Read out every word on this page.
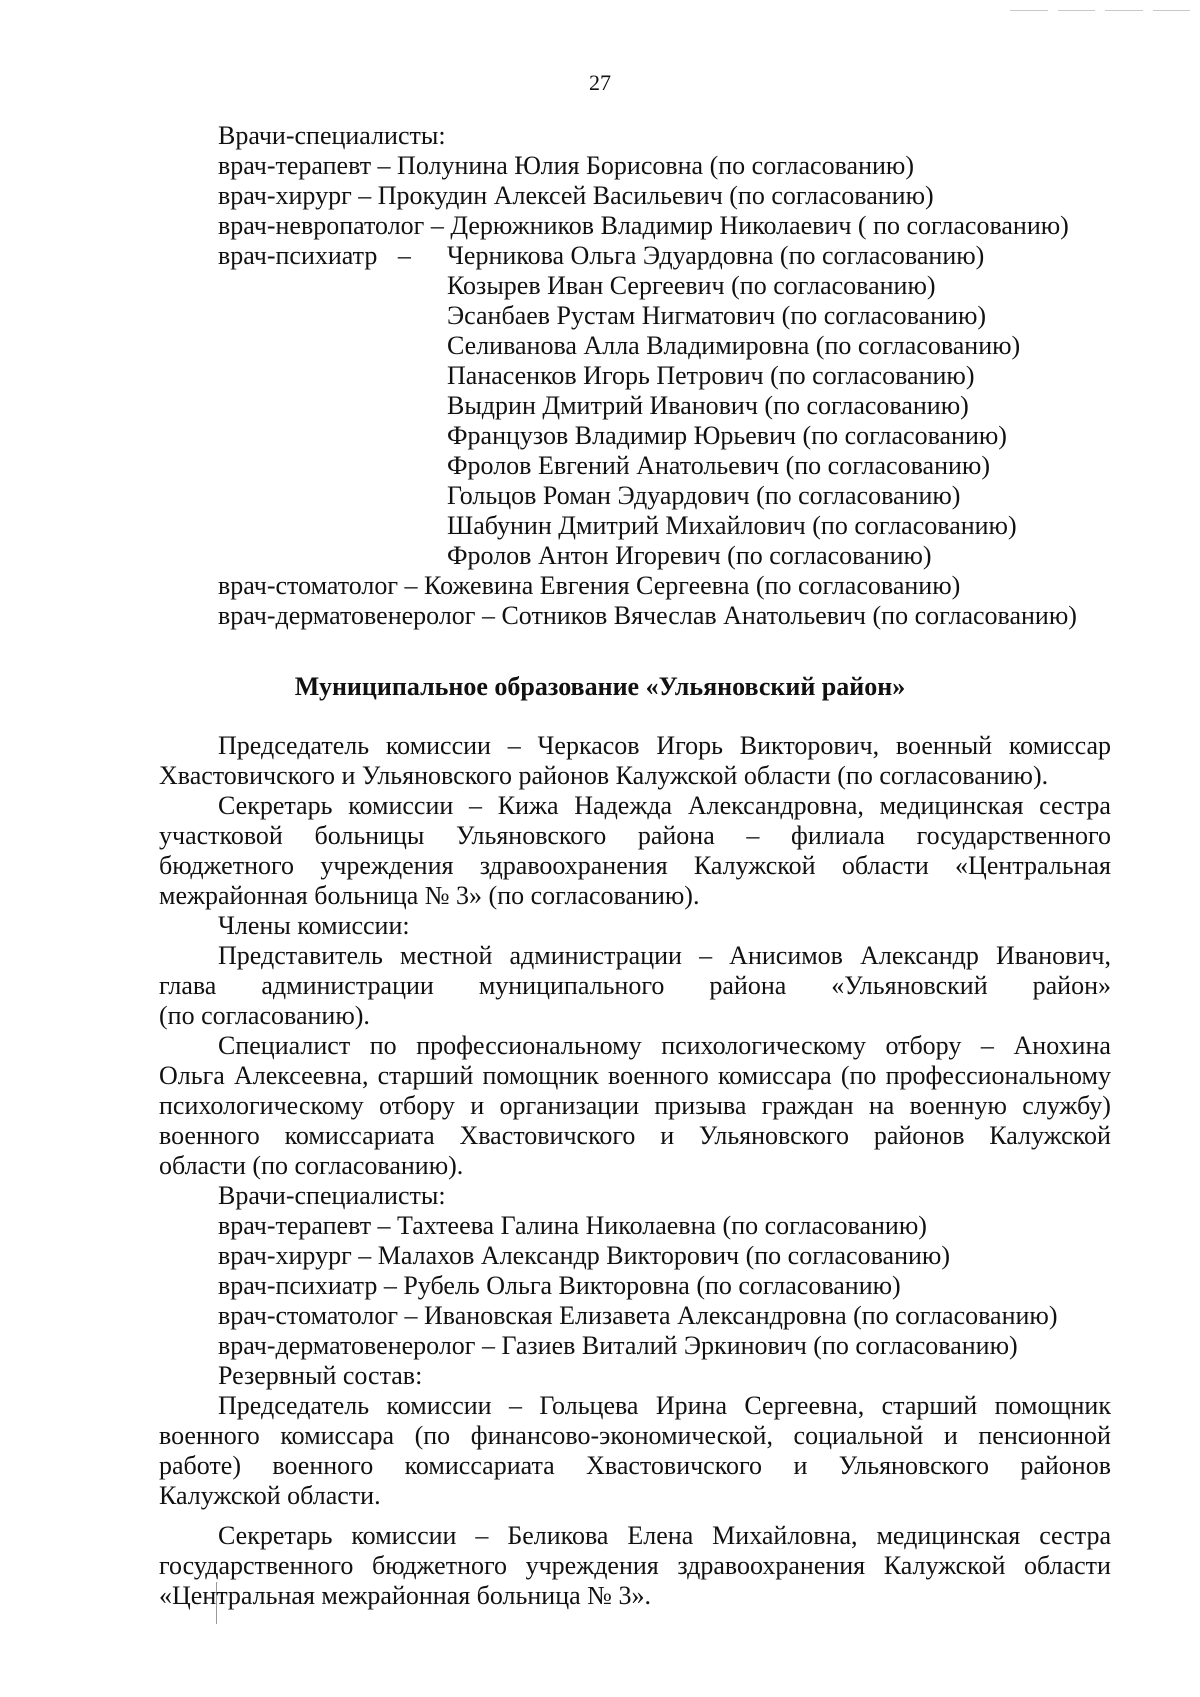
27
Врачи-специалисты:
врач-терапевт – Полунина Юлия Борисовна (по согласованию)
врач-хирург – Прокудин Алексей Васильевич (по согласованию)
врач-невропатолог – Дерюжников Владимир Николаевич ( по согласованию)
врач-психиатр – Черникова Ольга Эдуардовна (по согласованию)
Козырев Иван Сергеевич (по согласованию)
Эсанбаев Рустам Нигматович (по согласованию)
Селиванова Алла Владимировна (по согласованию)
Панасенков Игорь Петрович (по согласованию)
Выдрин Дмитрий Иванович (по согласованию)
Французов Владимир Юрьевич (по согласованию)
Фролов Евгений Анатольевич (по согласованию)
Гольцов Роман Эдуардович (по согласованию)
Шабунин Дмитрий Михайлович (по согласованию)
Фролов Антон Игоревич (по согласованию)
врач-стоматолог – Кожевина Евгения Сергеевна (по согласованию)
врач-дерматовенеролог – Сотников Вячеслав Анатольевич (по согласованию)
Муниципальное образование «Ульяновский район»
Председатель комиссии – Черкасов Игорь Викторович, военный комиссар
Хвастовичского и Ульяновского районов Калужской области (по согласованию).
Секретарь комиссии – Кижа Надежда Александровна, медицинская сестра
участковой больницы Ульяновского района – филиала государственного
бюджетного учреждения здравоохранения Калужской области «Центральная
межрайонная больница № 3» (по согласованию).
Члены комиссии:
Представитель местной администрации – Анисимов Александр Иванович,
глава администрации муниципального района «Ульяновский район»
(по согласованию).
Специалист по профессиональному психологическому отбору – Анохина
Ольга Алексеевна, старший помощник военного комиссара (по профессиональному
психологическому отбору и организации призыва граждан на военную службу)
военного комиссариата Хвастовичского и Ульяновского районов Калужской
области (по согласованию).
Врачи-специалисты:
врач-терапевт – Тахтеева Галина Николаевна (по согласованию)
врач-хирург – Малахов Александр Викторович (по согласованию)
врач-психиатр – Рубель Ольга Викторовна (по согласованию)
врач-стоматолог – Ивановская Елизавета Александровна (по согласованию)
врач-дерматовенеролог – Газиев Виталий Эркинович (по согласованию)
Резервный состав:
Председатель комиссии – Гольцева Ирина Сергеевна, старший помощник
военного комиссара (по финансово-экономической, социальной и пенсионной
работе) военного комиссариата Хвастовичского и Ульяновского районов
Калужской области.
Секретарь комиссии – Беликова Елена Михайловна, медицинская сестра
государственного бюджетного учреждения здравоохранения Калужской области
«Центральная межрайонная больница № 3».
